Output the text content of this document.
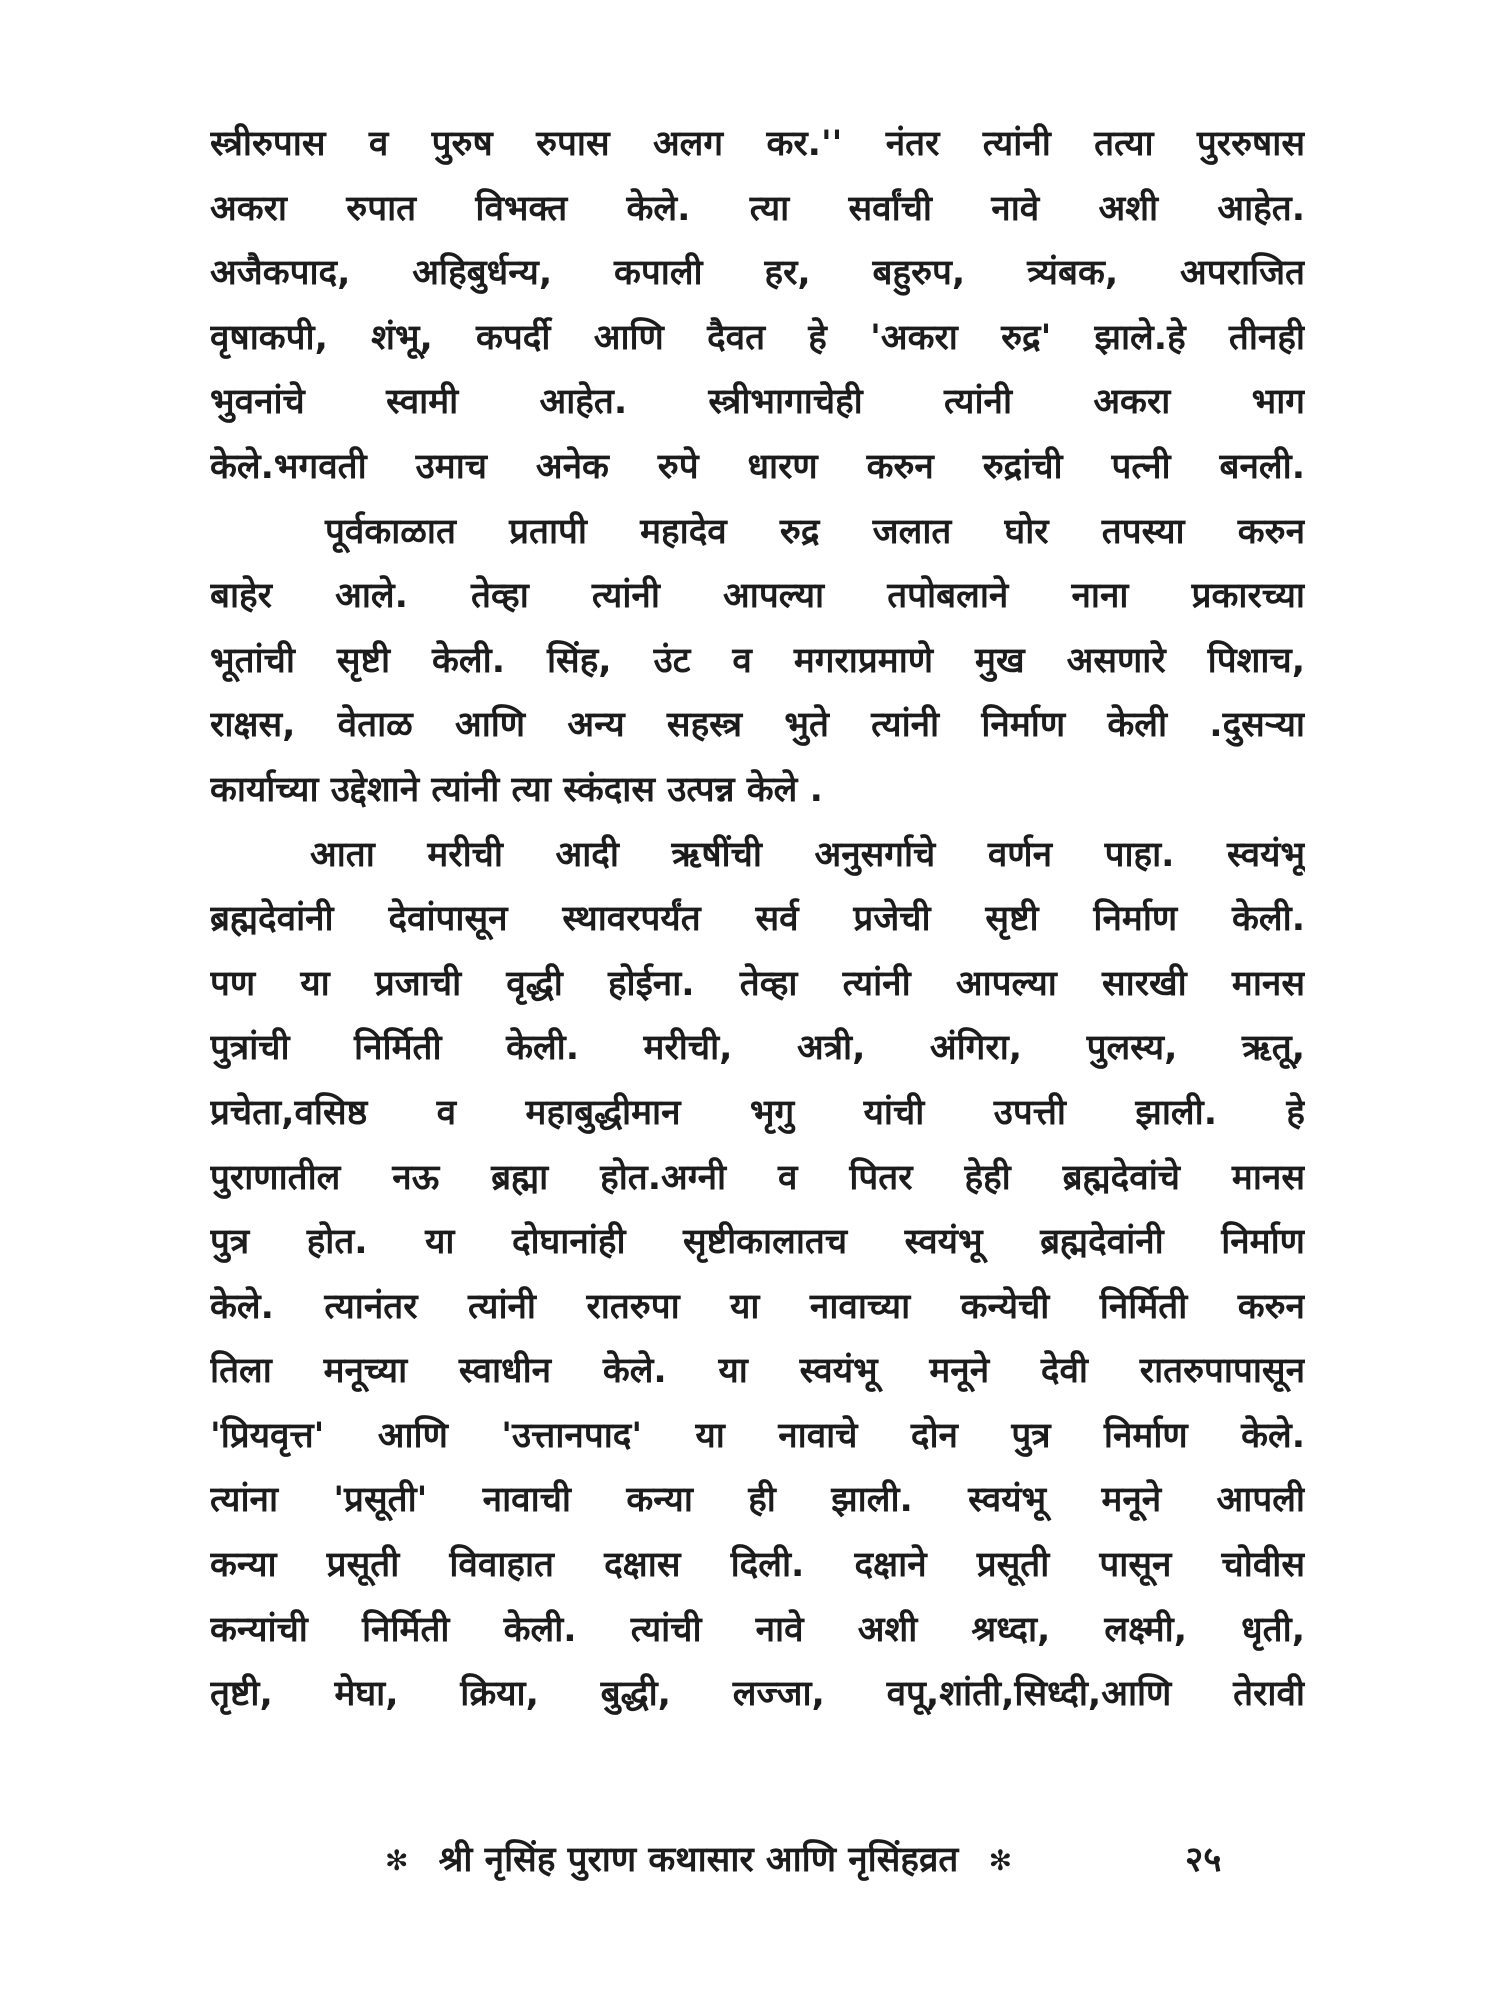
स्त्रीरुपास व पुरुष रुपास अलग कर.'' नंतर त्यांनी तत्या पुररुषास
अकरा रुपात विभक्त केले. त्या सर्वांची नावे अशी आहेत.
अजैकपाद, अहिबुर्धन्य, कपाली हर, बहुरुप, त्र्यंबक, अपराजित
वृषाकपी, शंभू, कपर्दी आणि दैवत हे 'अकरा रुद्र' झाले.हे तीनही
भुवनांचे स्वामी आहेत. स्त्रीभागाचेही त्यांनी अकरा भाग
केले.भगवती उमाच अनेक रुपे धारण करुन रुद्रांची पत्नी बनली.
पूर्वकाळात प्रतापी महादेव रुद्र जलात घोर तपस्या करुन
बाहेर आले. तेव्हा त्यांनी आपल्या तपोबलाने नाना प्रकारच्या
भूतांची सृष्टी केली. सिंह, उंट व मगराप्रमाणे मुख असणारे पिशाच,
राक्षस, वेताळ आणि अन्य सहस्त्र भुते त्यांनी निर्माण केली .दुसऱ्या
कार्याच्या उद्देशाने त्यांनी त्या स्कंदास उत्पन्न केले .
आता मरीची आदी ऋषींची अनुसर्गाचे वर्णन पाहा. स्वयंभू
ब्रह्मदेवांनी देवांपासून स्थावरपर्यंत सर्व प्रजेची सृष्टी निर्माण केली.
पण या प्रजाची वृद्धी होईना. तेव्हा त्यांनी आपल्या सारखी मानस
पुत्रांची निर्मिती केली. मरीची, अत्री, अंगिरा, पुलस्य, ऋतू,
प्रचेता,वसिष्ठ व महाबुद्धीमान भृगु यांची उपत्ती झाली. हे
पुराणातील नऊ ब्रह्मा होत.अग्नी व पितर हेही ब्रह्मदेवांचे मानस
पुत्र होत. या दोघानांही सृष्टीकालातच स्वयंभू ब्रह्मदेवांनी निर्माण
केले. त्यानंतर त्यांनी रातरुपा या नावाच्या कन्येची निर्मिती करुन
तिला मनूच्या स्वाधीन केले. या स्वयंभू मनूने देवी रातरुपापासून
'प्रियवृत्त' आणि 'उत्तानपाद' या नावाचे दोन पुत्र निर्माण केले.
त्यांना 'प्रसूती' नावाची कन्या ही झाली. स्वयंभू मनूने आपली
कन्या प्रसूती विवाहात दक्षास दिली. दक्षाने प्रसूती पासून चोवीस
कन्यांची निर्मिती केली. त्यांची नावे अशी श्रध्दा, लक्ष्मी, धृती,
तृष्टी, मेघा, क्रिया, बुद्धी, लज्जा, वपू,शांती,सिध्दी,आणि तेरावी
✻ श्री नृसिंह पुराण कथासार आणि नृसिंहव्रत ✻	२५
